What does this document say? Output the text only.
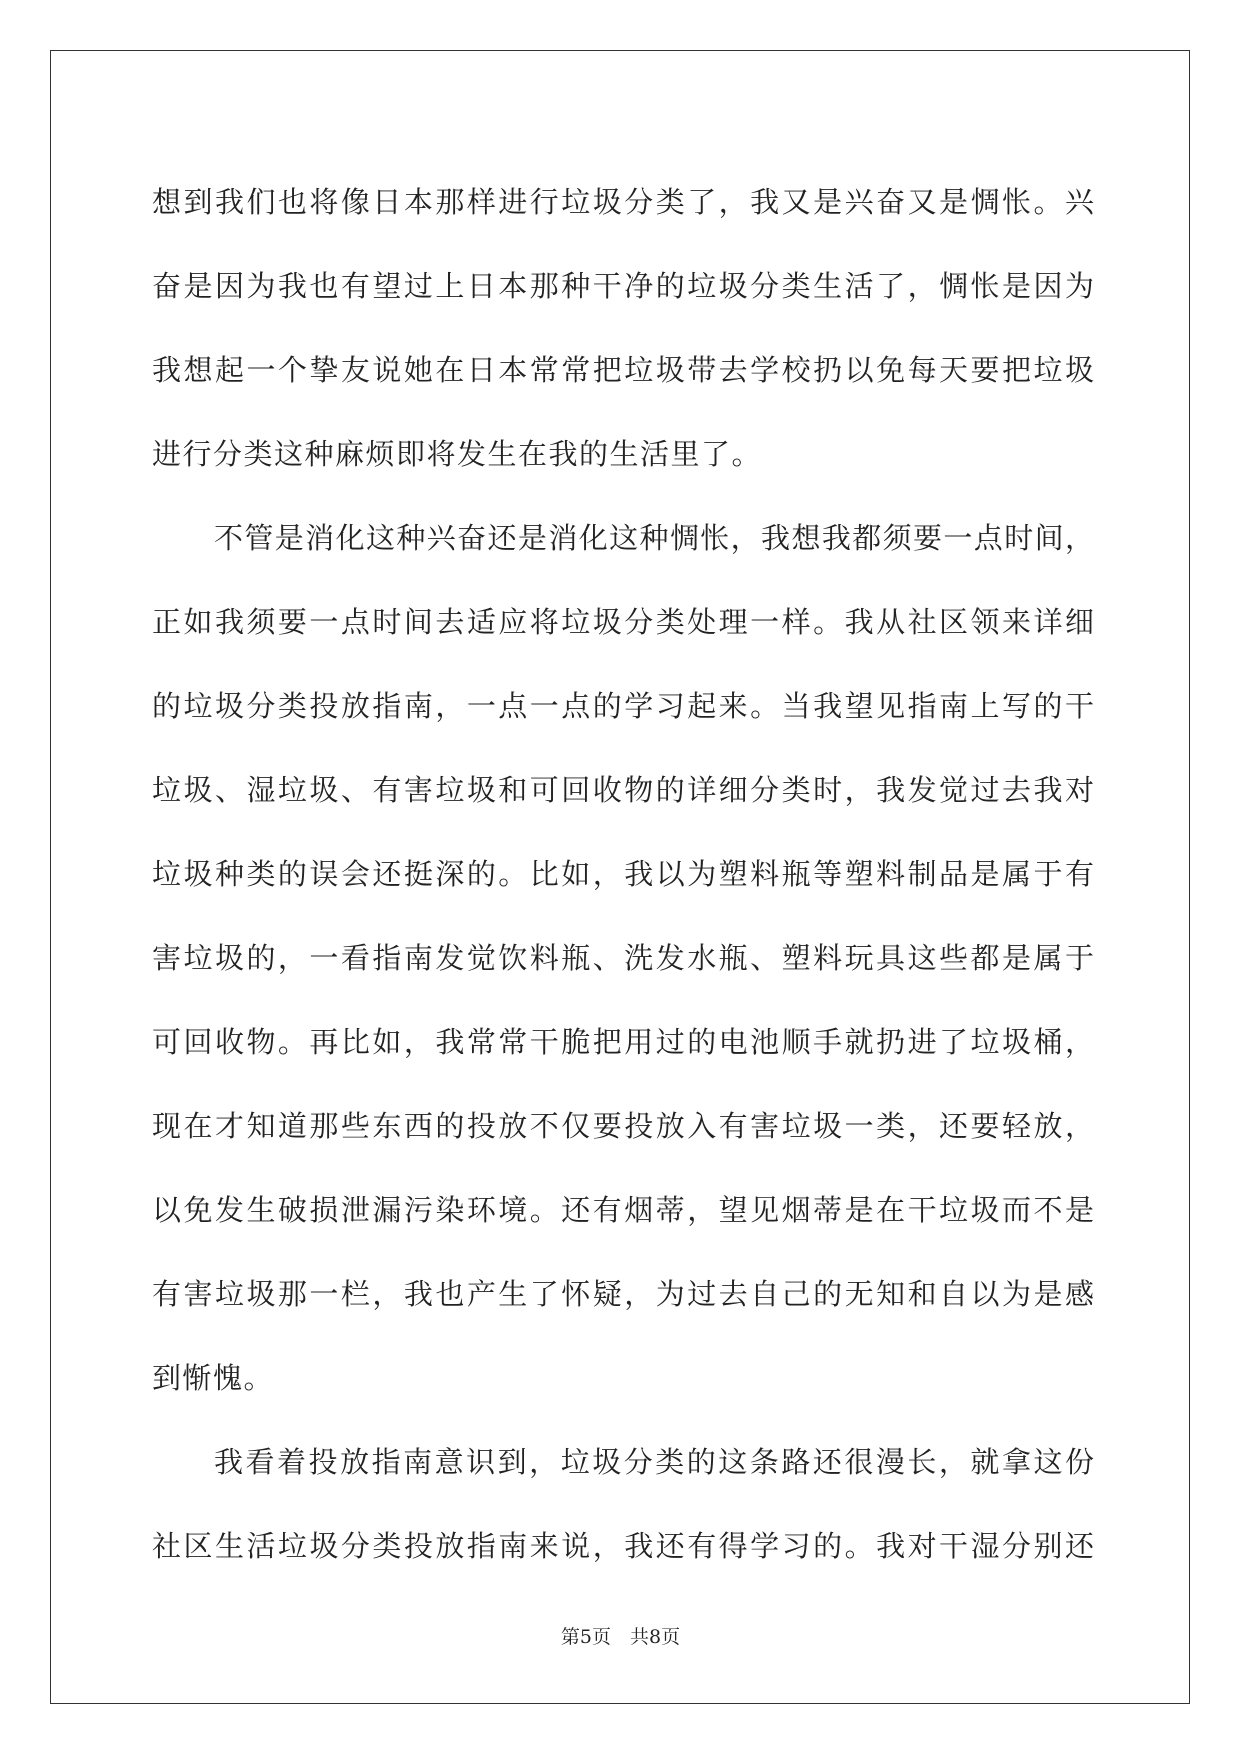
想到我们也将像日本那样进行垃圾分类了，我又是兴奋又是惆怅。兴
奋是因为我也有望过上日本那种干净的垃圾分类生活了，惆怅是因为
我想起一个挚友说她在日本常常把垃圾带去学校扔以免每天要把垃圾
进行分类这种麻烦即将发生在我的生活里了。
不管是消化这种兴奋还是消化这种惆怅，我想我都须要一点时间，
正如我须要一点时间去适应将垃圾分类处理一样。我从社区领来详细
的垃圾分类投放指南，一点一点的学习起来。当我望见指南上写的干
垃圾、湿垃圾、有害垃圾和可回收物的详细分类时，我发觉过去我对
垃圾种类的误会还挺深的。比如，我以为塑料瓶等塑料制品是属于有
害垃圾的，一看指南发觉饮料瓶、洗发水瓶、塑料玩具这些都是属于
可回收物。再比如，我常常干脆把用过的电池顺手就扔进了垃圾桶，
现在才知道那些东西的投放不仅要投放入有害垃圾一类，还要轻放，
以免发生破损泄漏污染环境。还有烟蒂，望见烟蒂是在干垃圾而不是
有害垃圾那一栏，我也产生了怀疑，为过去自己的无知和自以为是感
到惭愧。
我看着投放指南意识到，垃圾分类的这条路还很漫长，就拿这份
社区生活垃圾分类投放指南来说，我还有得学习的。我对干湿分别还
第5页　共8页
